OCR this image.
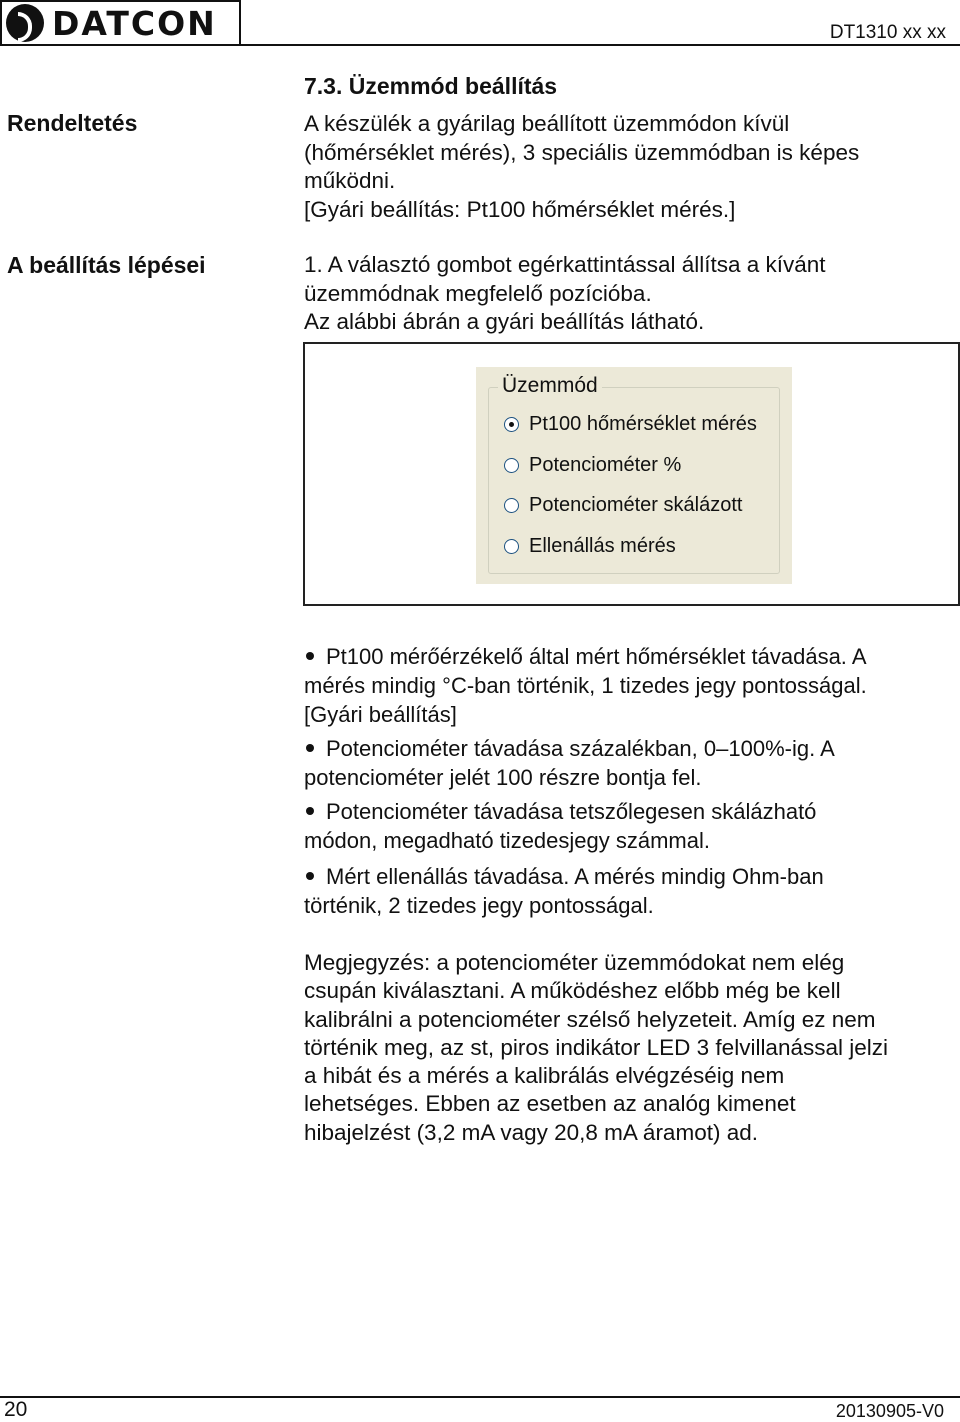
DATCON	DT1310 xx xx
7.3. Üzemmód beállítás
Rendeltetés	A készülék a gyárilag beállított üzemmódon kívül
(hőmérséklet mérés), 3 speciális üzemmódban is képes
működni.
[Gyári beállítás: Pt100 hőmérséklet mérés.]
A beállítás lépései	1. A választó gombot egérkattintással állítsa a kívánt
üzemmódnak megfelelő pozícióba.
Az alábbi ábrán a gyári beállítás látható.
Üzemmód
Pt100 hőmérséklet mérés
Potenciométer %
Potenciométer skálázott
Ellenállás mérés
Pt100 mérőérzékelő által mért hőmérséklet távadása. A
mérés mindig °C-ban történik, 1 tizedes jegy pontosságal.
[Gyári beállítás]
Potenciométer távadása százalékban, 0–100%-ig. A
potenciométer jelét 100 részre bontja fel.
Potenciométer távadása tetszőlegesen skálázható
módon, megadható tizedesjegy számmal.
Mért ellenállás távadása. A mérés mindig Ohm-ban
történik, 2 tizedes jegy pontosságal.
Megjegyzés: a potenciométer üzemmódokat nem elég
csupán kiválasztani. A működéshez előbb még be kell
kalibrálni a potenciométer szélső helyzeteit. Amíg ez nem
történik meg, az st, piros indikátor LED 3 felvillanással jelzi
a hibát és a mérés a kalibrálás elvégzéséig nem
lehetséges. Ebben az esetben az analóg kimenet
hibajelzést (3,2 mA vagy 20,8 mA áramot) ad.
20	20130905-V0
